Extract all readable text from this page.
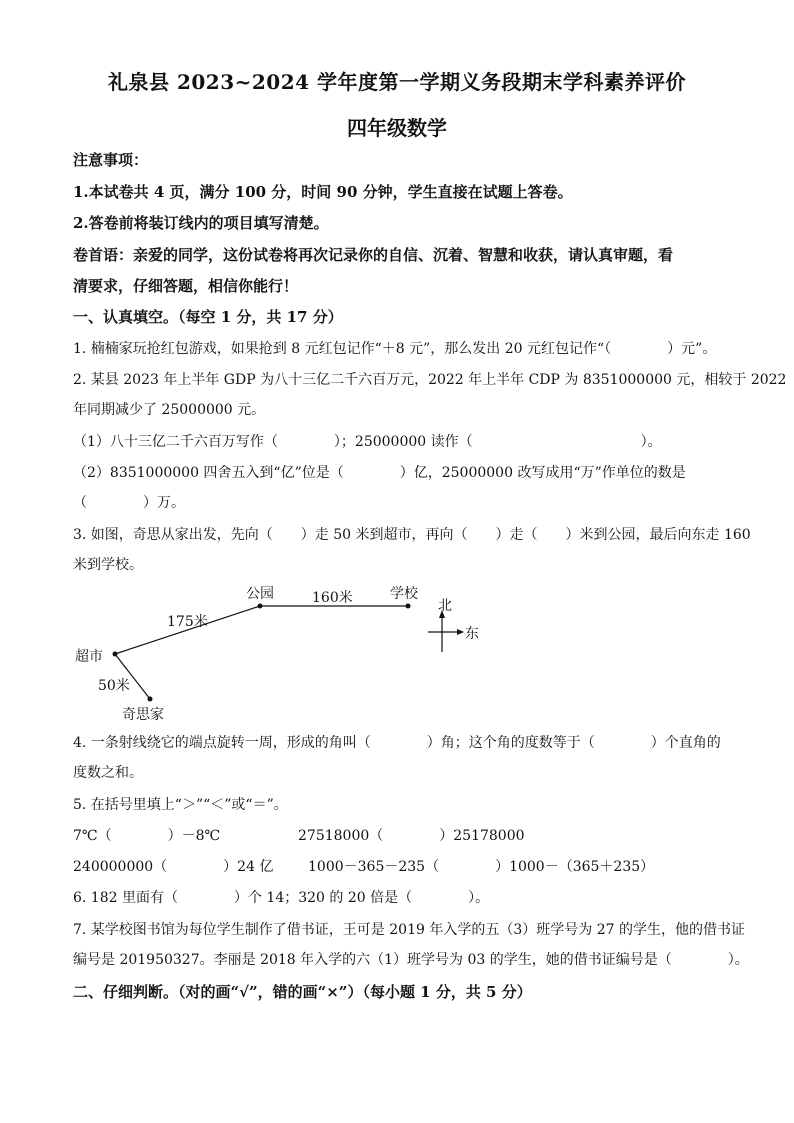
礼泉县 2023~2024 学年度第一学期义务段期末学科素养评价
四年级数学
注意事项：
1.本试卷共 4 页，满分 100 分，时间 90 分钟，学生直接在试题上答卷。
2.答卷前将装订线内的项目填写清楚。
卷首语：亲爱的同学，这份试卷将再次记录你的自信、沉着、智慧和收获，请认真审题，看
清要求，仔细答题，相信你能行！
一、认真填空。（每空 1 分，共 17 分）
1. 楠楠家玩抢红包游戏，如果抢到 8 元红包记作“＋8 元”，那么发出 20 元红包记作“（　　　　）元”。
2. 某县 2023 年上半年 GDP 为八十三亿二千六百万元，2022 年上半年 CDP 为 8351000000 元，相较于 2022
年同期减少了 25000000 元。
（1）八十三亿二千六百万写作（　　　　）；25000000 读作（　　　　　　　　　　　　）。
（2）8351000000 四舍五入到“亿”位是（　　　　）亿，25000000 改写成用“万”作单位的数是
（　　　　）万。
3. 如图，奇思从家出发，先向（　　）走 50 米到超市，再向（　　）走（　　）米到公园，最后向东走 160
米到学校。
公园	学校
超市
奇思家
160米
175米
50米
北
东
4. 一条射线绕它的端点旋转一周，形成的角叫（　　　　）角；这个角的度数等于（　　　　）个直角的
度数之和。
5. 在括号里填上“＞”“＜”或“＝”。
7℃（　　　　）－8℃	27518000（　　　　）25178000
240000000（　　　　）24 亿	1000－365－235（　　　　）1000－（365＋235）
6. 182 里面有（　　　　）个 14；320 的 20 倍是（　　　　）。
7. 某学校图书馆为每位学生制作了借书证，王可是 2019 年入学的五（3）班学号为 27 的学生，他的借书证
编号是 201950327。李丽是 2018 年入学的六（1）班学号为 03 的学生，她的借书证编号是（　　　　）。
二、仔细判断。（对的画“√”，错的画“×”）（每小题 1 分，共 5 分）
